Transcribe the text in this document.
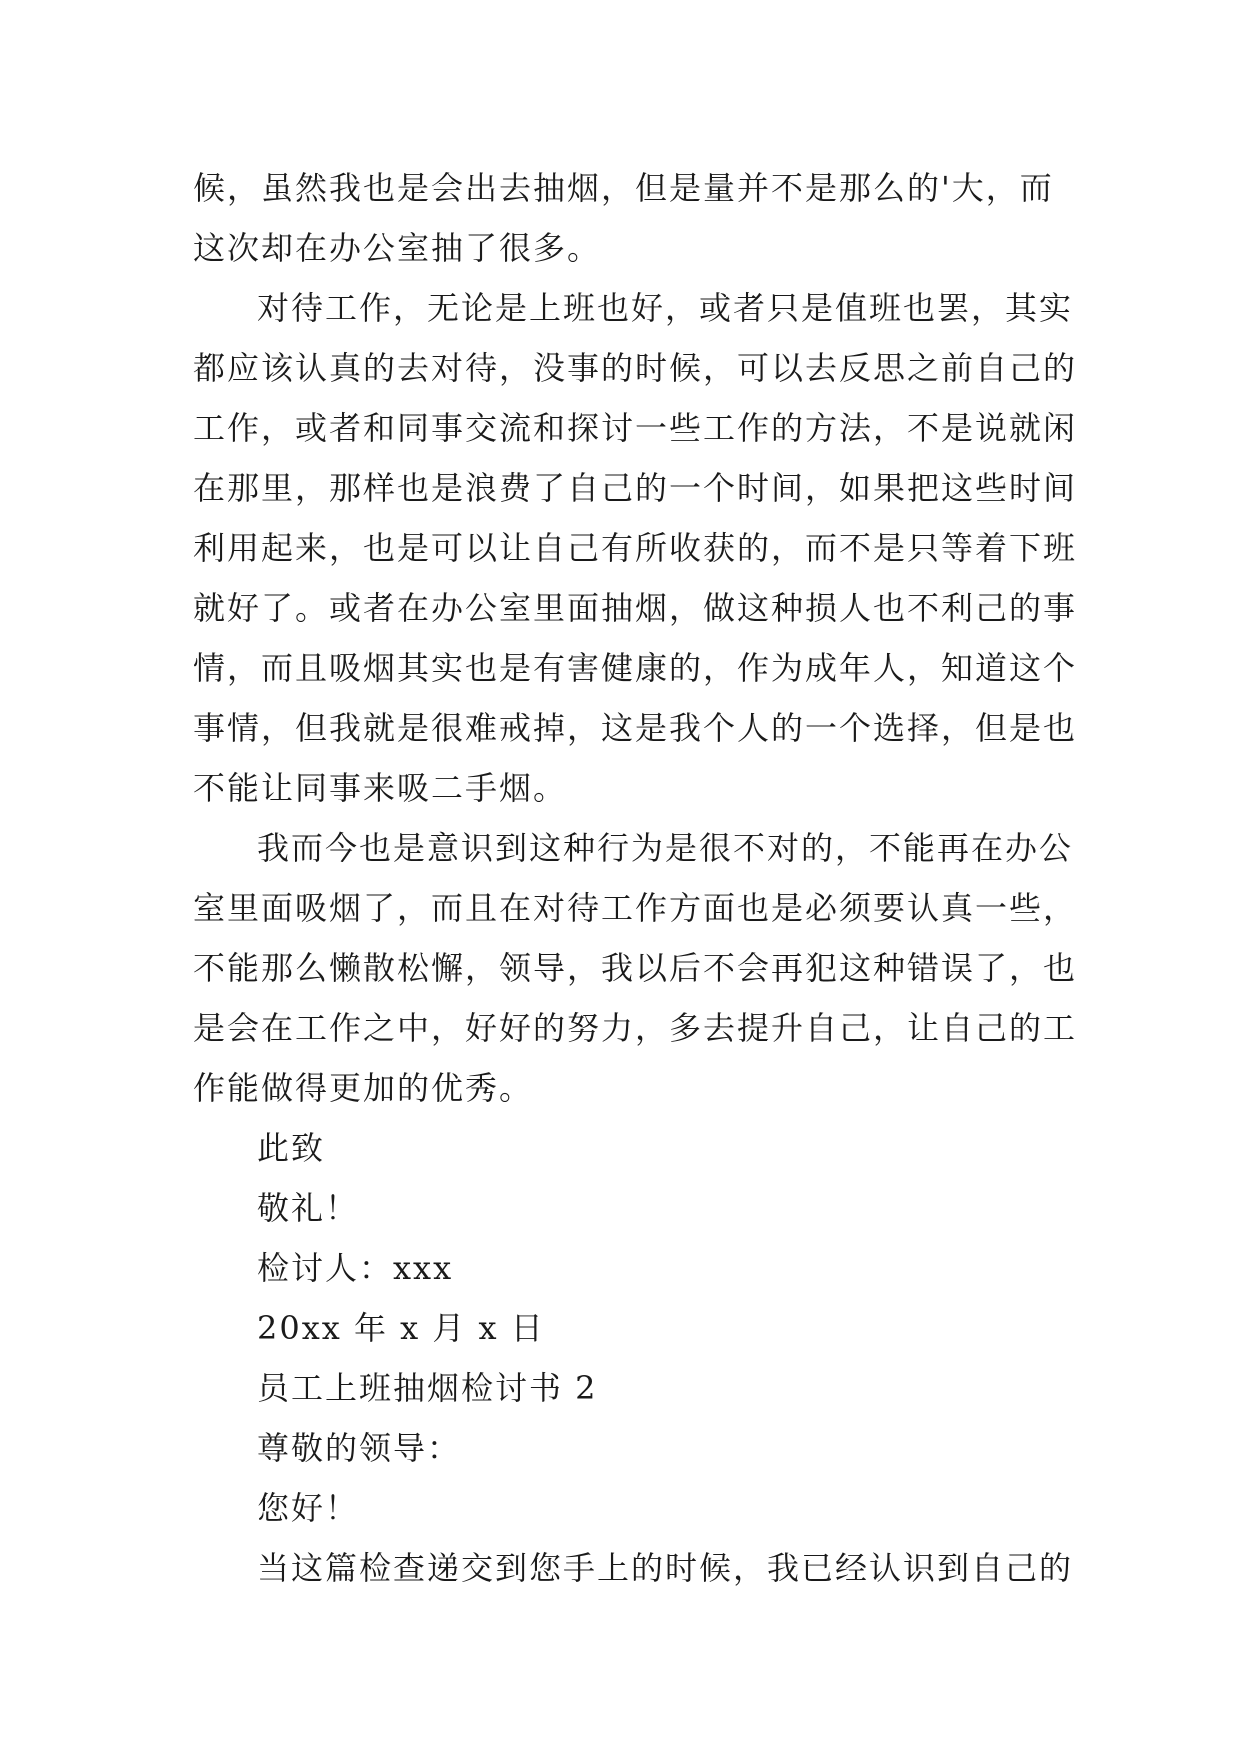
候，虽然我也是会出去抽烟，但是量并不是那么的'大，而
这次却在办公室抽了很多。
对待工作，无论是上班也好，或者只是值班也罢，其实
都应该认真的去对待，没事的时候，可以去反思之前自己的
工作，或者和同事交流和探讨一些工作的方法，不是说就闲
在那里，那样也是浪费了自己的一个时间，如果把这些时间
利用起来，也是可以让自己有所收获的，而不是只等着下班
就好了。或者在办公室里面抽烟，做这种损人也不利己的事
情，而且吸烟其实也是有害健康的，作为成年人，知道这个
事情，但我就是很难戒掉，这是我个人的一个选择，但是也
不能让同事来吸二手烟。
我而今也是意识到这种行为是很不对的，不能再在办公
室里面吸烟了，而且在对待工作方面也是必须要认真一些，
不能那么懒散松懈，领导，我以后不会再犯这种错误了，也
是会在工作之中，好好的努力，多去提升自己，让自己的工
作能做得更加的优秀。
此致
敬礼！
检讨人：xxx
20xx 年 x 月 x 日
员工上班抽烟检讨书 2
尊敬的领导：
您好！
当这篇检查递交到您手上的时候，我已经认识到自己的
